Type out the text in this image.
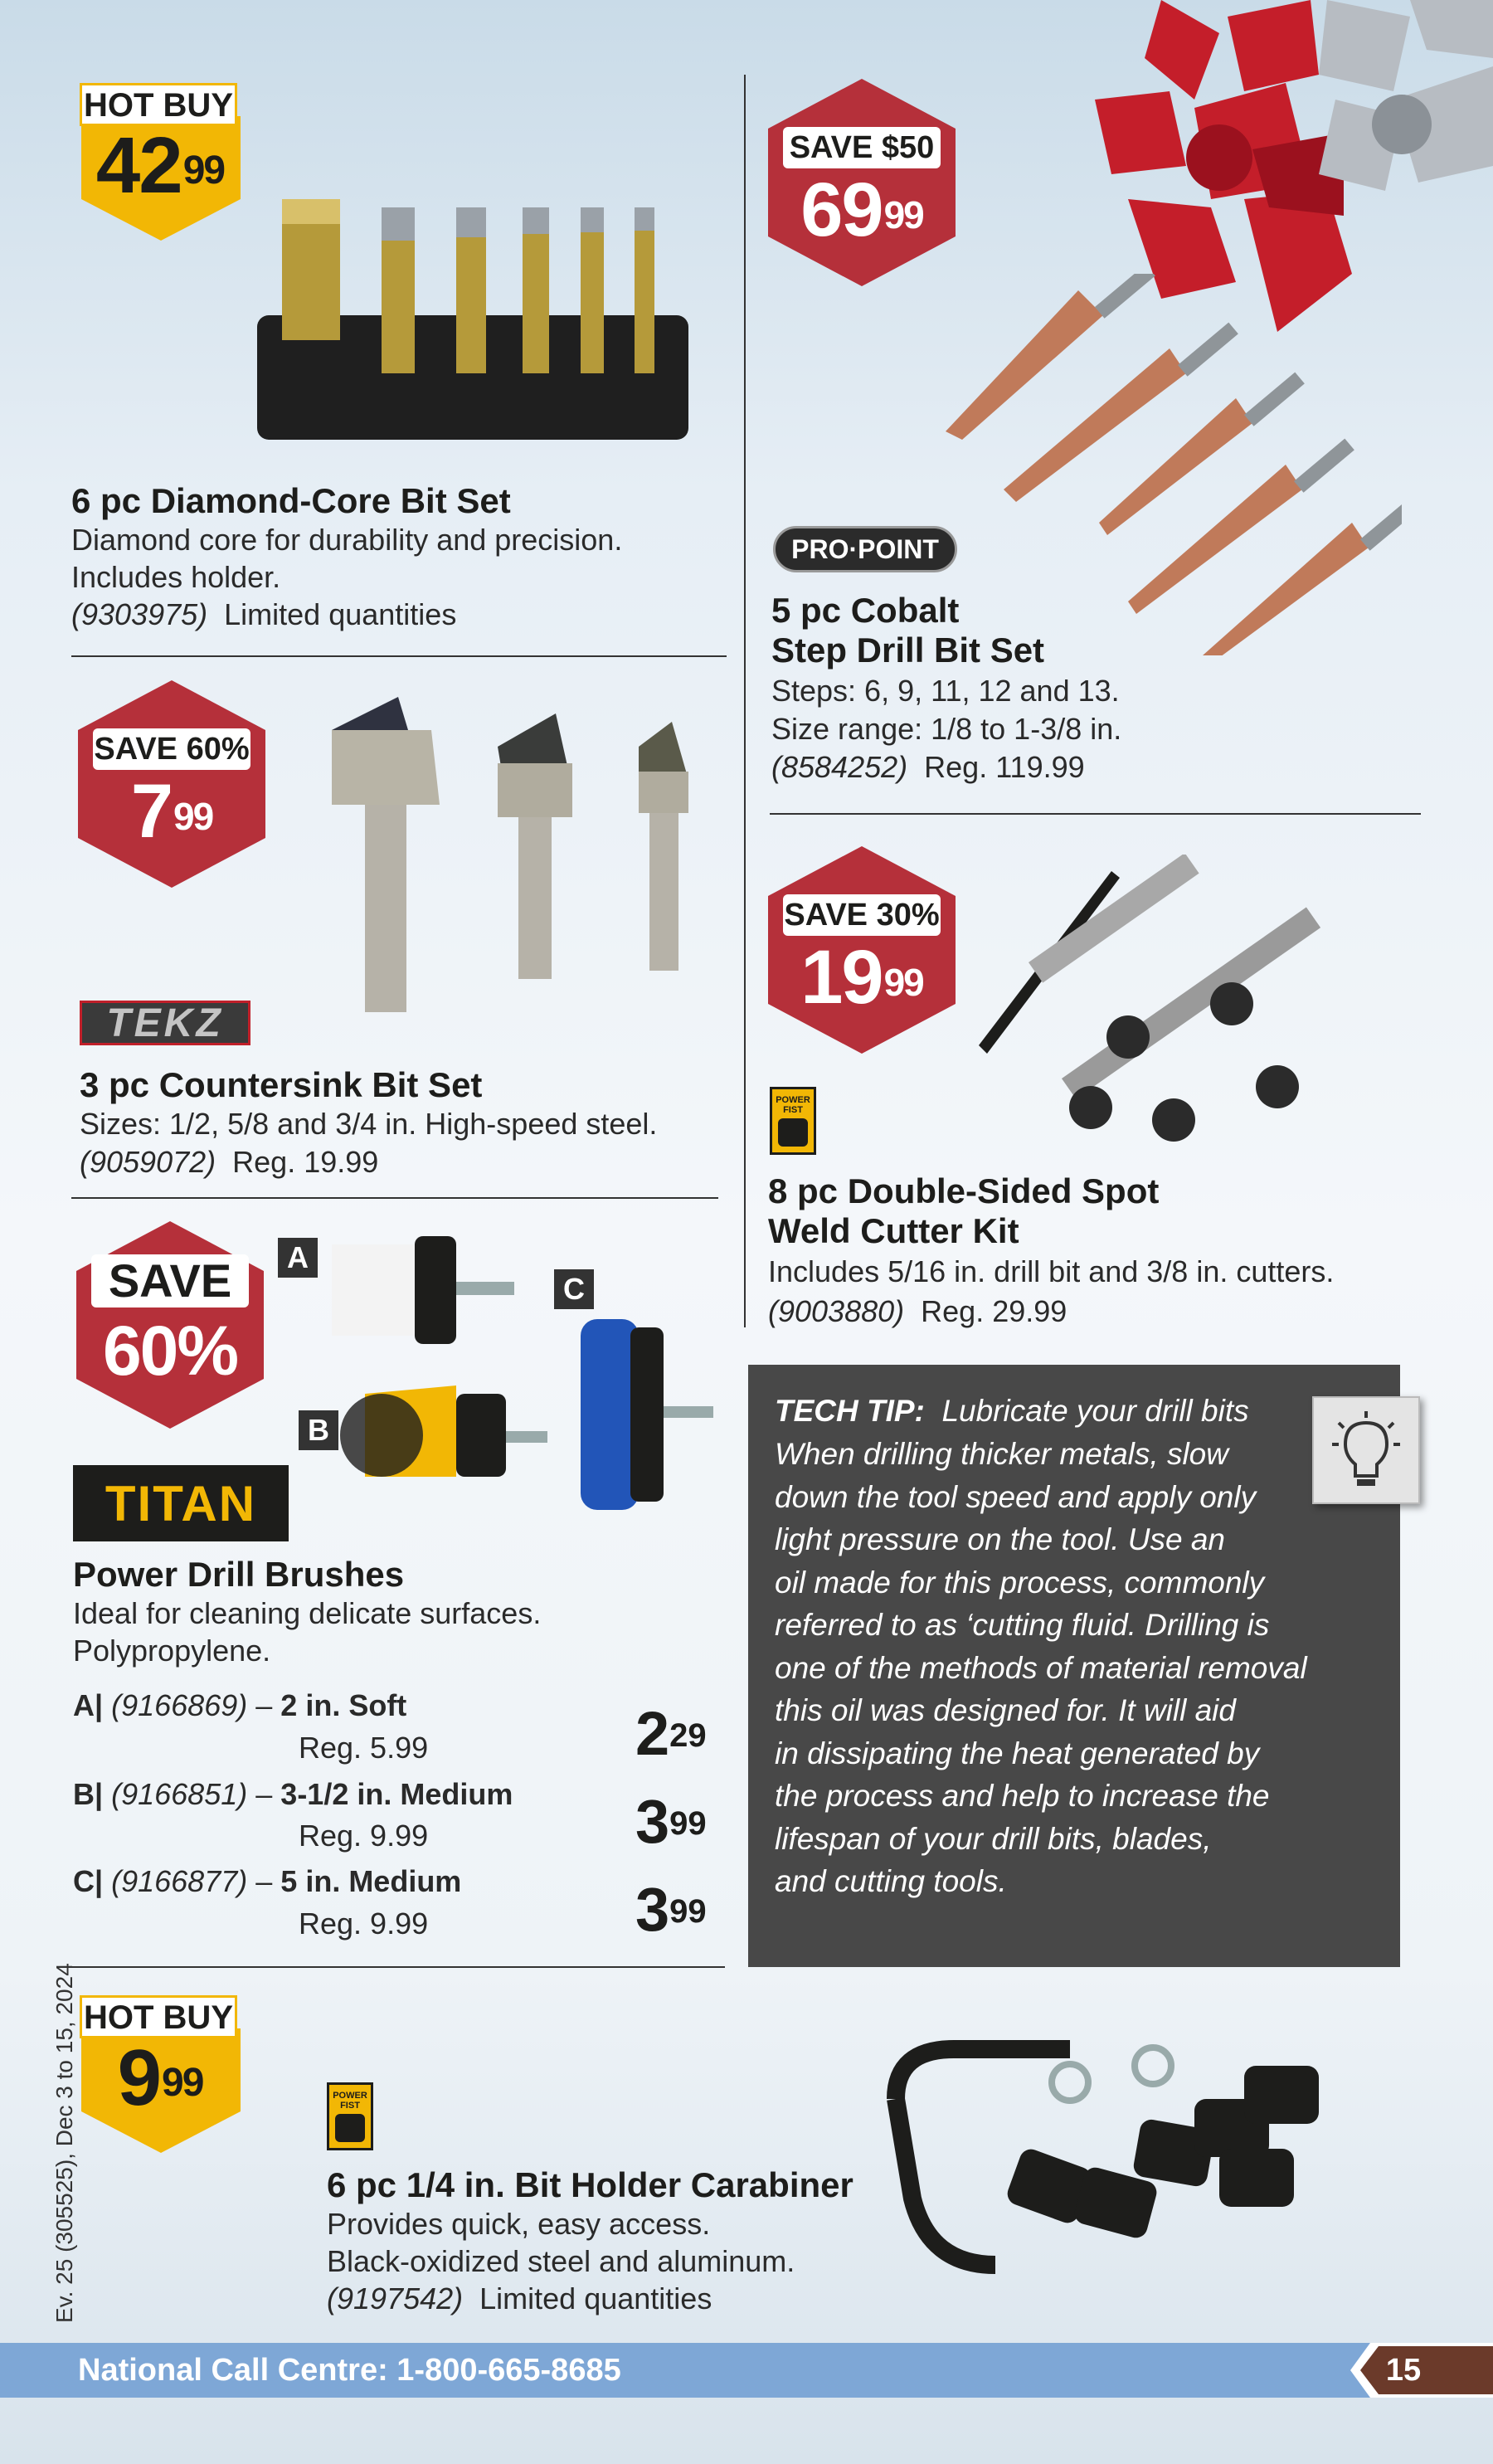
HOT BUY
$42^{99}$
6 pc Diamond-Core Bit Set
Diamond core for durability and precision.
Includes holder.
(9303975) Limited quantities
SAVE 60%
$7^{99}$
TEKZ
3 pc Countersink Bit Set
Sizes: 1/2, 5/8 and 3/4 in. High-speed steel.
(9059072) Reg. 19.99
SAVE
60%
A
B
C
TITAN
Power Drill Brushes
Ideal for cleaning delicate surfaces.
Polypropylene.
A| (9166869) – 2 in. Soft
Reg. 5.99	$2^{29}$
B| (9166851) – 3-1/2 in. Medium
Reg. 9.99	$3^{99}$
C| (9166877) – 5 in. Medium
Reg. 9.99	$3^{99}$
HOT BUY
$9^{99}$	POWER
FIST
6 pc 1/4 in. Bit Holder Carabiner
Provides quick, easy access.
Black-oxidized steel and aluminum.
(9197542) Limited quantities
SAVE $50
$69^{99}$
PRO·POINT
5 pc Cobalt
Step Drill Bit Set
Steps: 6, 9, 11, 12 and 13.
Size range: 1/8 to 1-3/8 in.
(8584252) Reg. 119.99
SAVE 30%
$19^{99}$
POWER
FIST
8 pc Double-Sided Spot
Weld Cutter Kit
Includes 5/16 in. drill bit and 3/8 in. cutters.
(9003880) Reg. 29.99
TECH TIP: Lubricate your drill bits
When drilling thicker metals, slow
down the tool speed and apply only
light pressure on the tool. Use an
oil made for this process, commonly
referred to as ‘cutting fluid. Drilling is
one of the methods of material removal
this oil was designed for. It will aid
in dissipating the heat generated by
the process and help to increase the
lifespan of your drill bits, blades,
and cutting tools.
Ev. 25 (305525), Dec 3 to 15, 2024
National Call Centre: 1-800-665-8685	15
